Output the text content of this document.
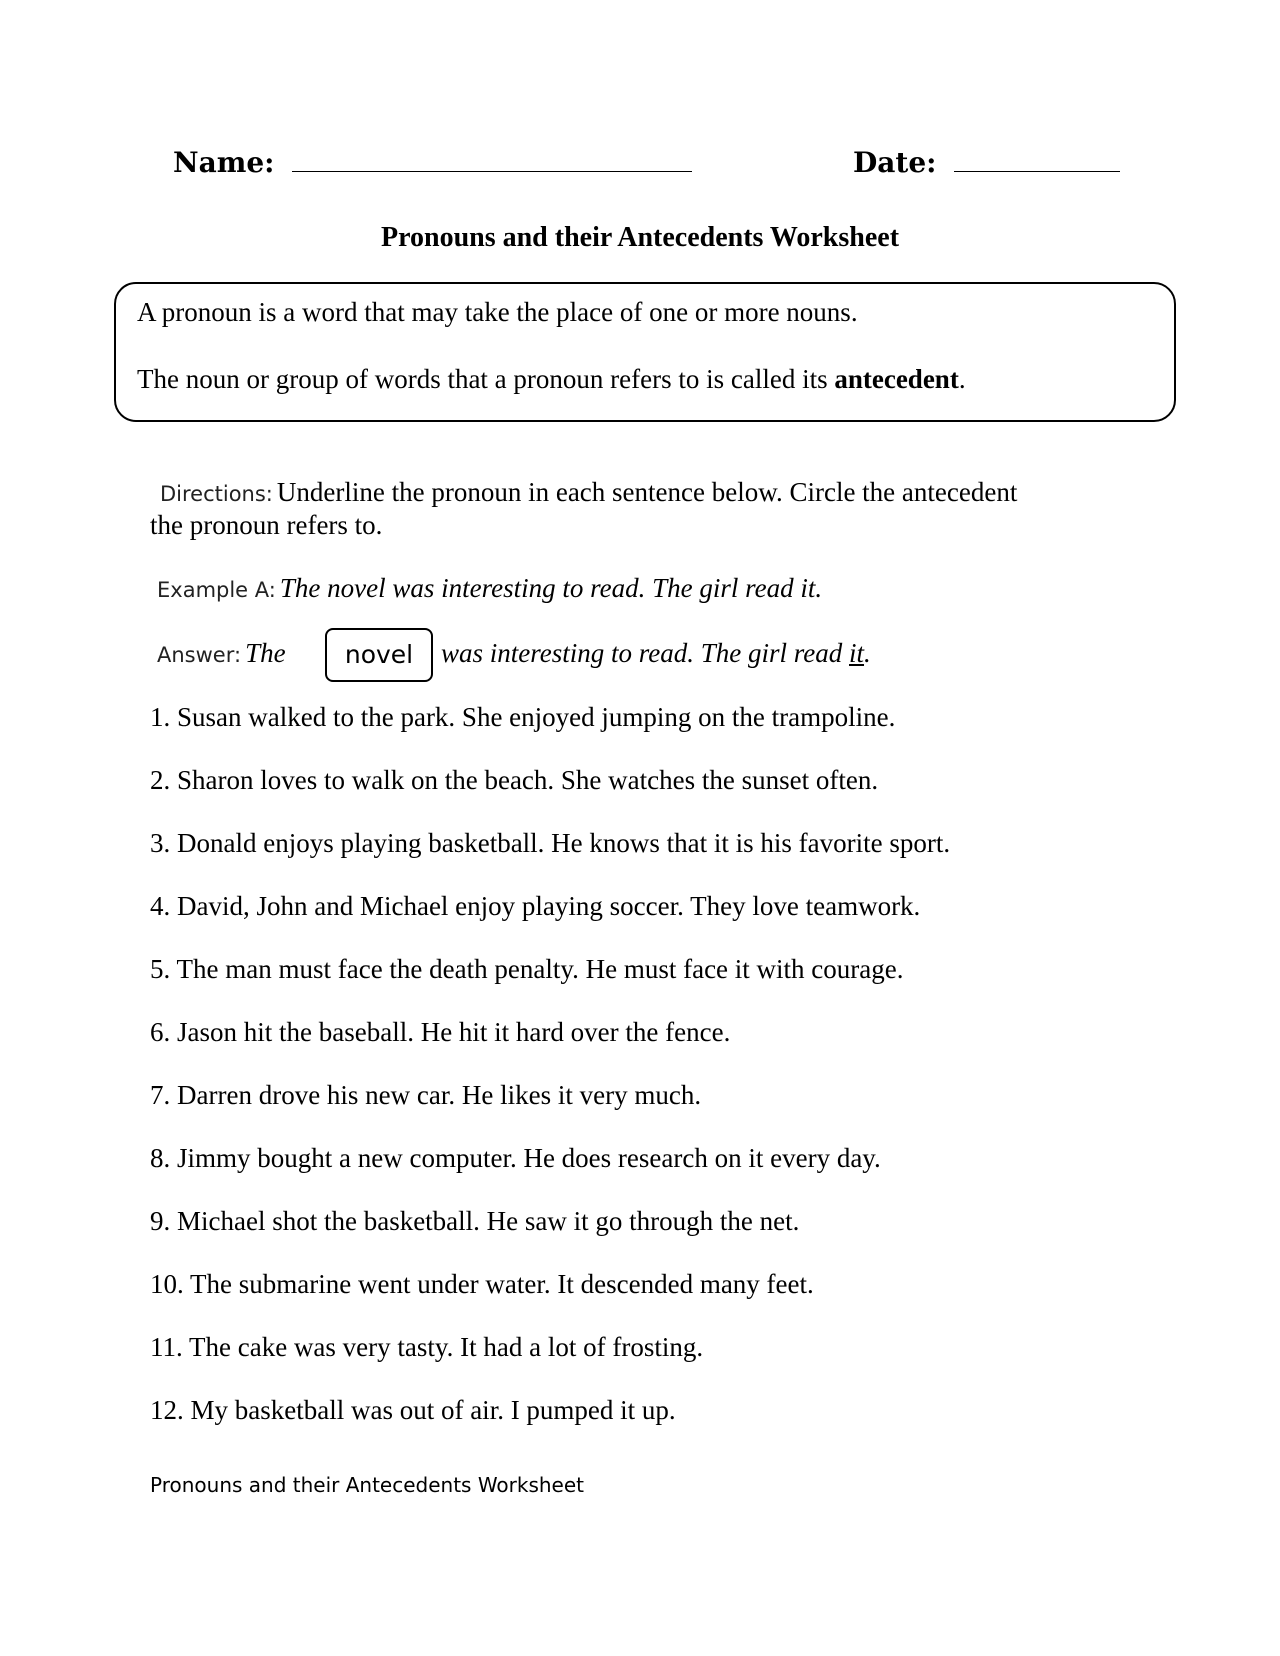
Name:	Date:
Pronouns and their Antecedents Worksheet
A pronoun is a word that may take the place of one or more nouns.
The noun or group of words that a pronoun refers to is called its antecedent.
Directions: Underline the pronoun in each sentence below. Circle the antecedent
the pronoun refers to.
Example A: The novel was interesting to read. The girl read it.
Answer: The	novel	was interesting to read. The girl read it.
1. Susan walked to the park. She enjoyed jumping on the trampoline.
2. Sharon loves to walk on the beach. She watches the sunset often.
3. Donald enjoys playing basketball. He knows that it is his favorite sport.
4. David, John and Michael enjoy playing soccer. They love teamwork.
5. The man must face the death penalty. He must face it with courage.
6. Jason hit the baseball. He hit it hard over the fence.
7. Darren drove his new car. He likes it very much.
8. Jimmy bought a new computer. He does research on it every day.
9. Michael shot the basketball. He saw it go through the net.
10. The submarine went under water. It descended many feet.
11. The cake was very tasty. It had a lot of frosting.
12. My basketball was out of air. I pumped it up.
Pronouns and their Antecedents Worksheet
